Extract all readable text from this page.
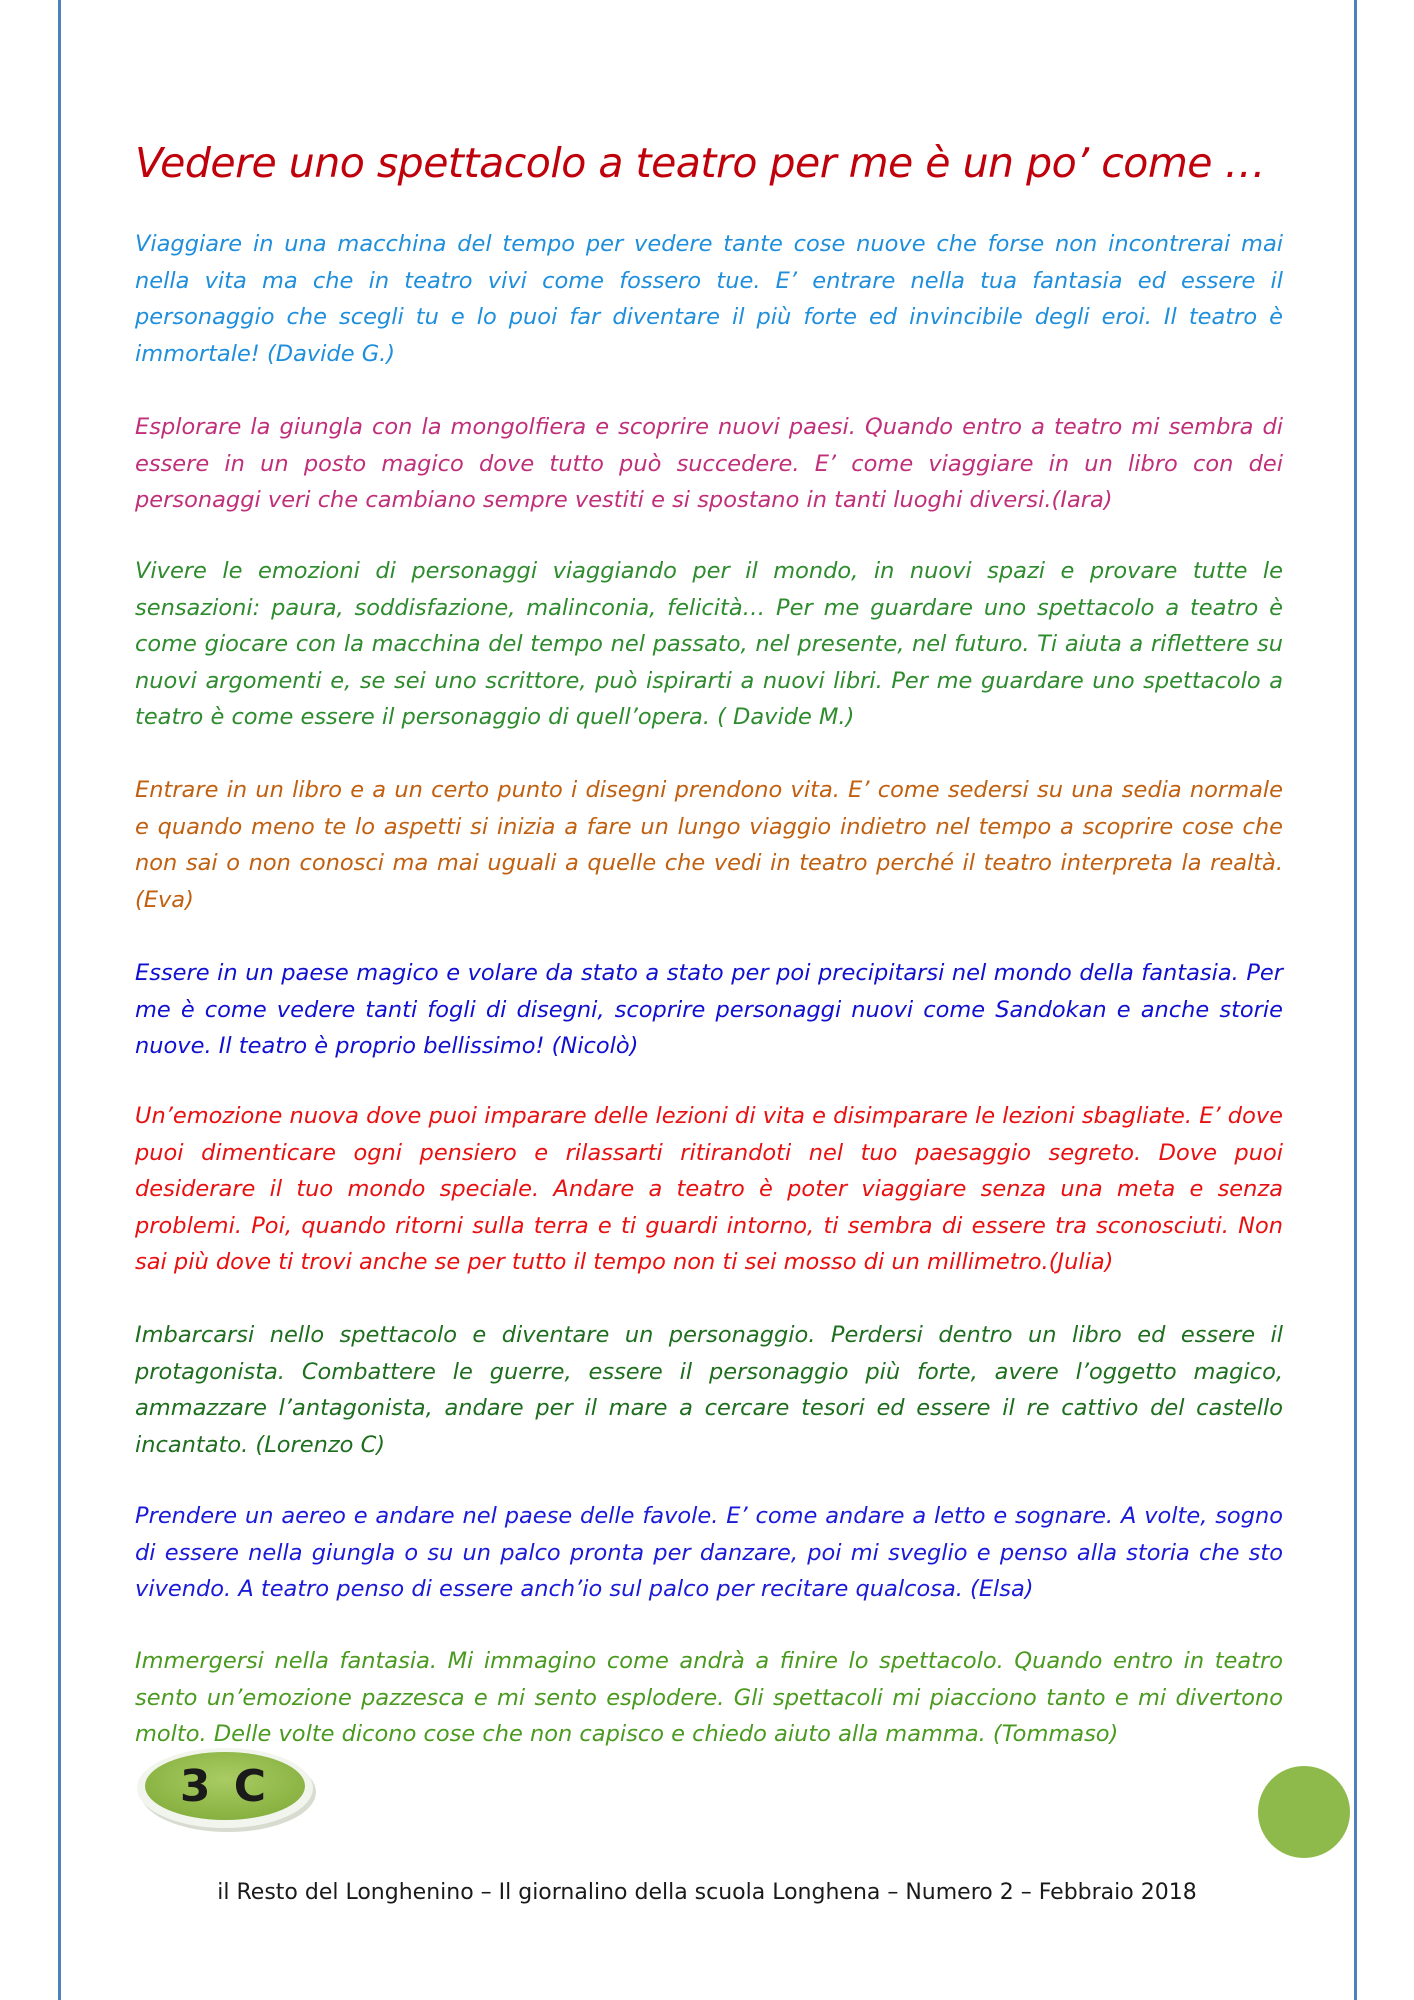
Vedere uno spettacolo a teatro per me è un po’ come …

Viaggiare in una macchina del tempo per vedere tante cose nuove che forse non incontrerai mai nella vita ma che in teatro vivi come fossero tue. E’ entrare nella tua fantasia ed essere il personaggio che scegli tu e lo puoi far diventare il più forte ed invincibile degli eroi. Il teatro è immortale! (Davide G.)

Esplorare la giungla con la mongolfiera e scoprire nuovi paesi. Quando entro a teatro mi sembra di essere in un posto magico dove tutto può succedere. E’ come viaggiare in un libro con dei personaggi veri che cambiano sempre vestiti e si spostano in tanti luoghi diversi.(Iara)

Vivere le emozioni di personaggi viaggiando per il mondo, in nuovi spazi e provare tutte le sensazioni: paura, soddisfazione, malinconia, felicità… Per me guardare uno spettacolo a teatro è come giocare con la macchina del tempo nel passato, nel presente, nel futuro. Ti aiuta a riflettere su nuovi argomenti e, se sei uno scrittore, può ispirarti a nuovi libri. Per me guardare uno spettacolo a teatro è come essere il personaggio di quell’opera. ( Davide M.)

Entrare in un libro e a un certo punto i disegni prendono vita. E’ come sedersi su una sedia normale e quando meno te lo aspetti si inizia a fare un lungo viaggio indietro nel tempo a scoprire cose che non sai o non conosci ma mai uguali a quelle che vedi in teatro perché il teatro interpreta la realtà. (Eva)

Essere in un paese magico e volare da stato a stato per poi precipitarsi nel mondo della fantasia. Per me è come vedere tanti fogli di disegni, scoprire personaggi nuovi come Sandokan e anche storie nuove. Il teatro è proprio bellissimo! (Nicolò)

Un’emozione nuova dove puoi imparare delle lezioni di vita e disimparare le lezioni sbagliate. E’ dove puoi dimenticare ogni pensiero e rilassarti ritirandoti nel tuo paesaggio segreto. Dove puoi desiderare il tuo mondo speciale. Andare a teatro è poter viaggiare senza una meta e senza problemi. Poi, quando ritorni sulla terra e ti guardi intorno, ti sembra di essere tra sconosciuti. Non sai più dove ti trovi anche se per tutto il tempo non ti sei mosso di un millimetro.(Julia)

Imbarcarsi nello spettacolo e diventare un personaggio. Perdersi dentro un libro ed essere il protagonista. Combattere le guerre, essere il personaggio più forte, avere l’oggetto magico, ammazzare l’antagonista, andare per il mare a cercare tesori ed essere il re cattivo del castello incantato. (Lorenzo C)

Prendere un aereo e andare nel paese delle favole. E’ come andare a letto e sognare. A volte, sogno di essere nella giungla o su un palco pronta per danzare, poi mi sveglio e penso alla storia che sto vivendo. A teatro penso di essere anch’io sul palco per recitare qualcosa. (Elsa)

Immergersi nella fantasia. Mi immagino come andrà a finire lo spettacolo. Quando entro in teatro sento un’emozione pazzesca e mi sento esplodere. Gli spettacoli mi piacciono tanto e mi divertono molto. Delle volte dicono cose che non capisco e chiedo aiuto alla mamma. (Tommaso)

3 C
il Resto del Longhenino – Il giornalino della scuola Longhena – Numero 2 – Febbraio 2018
